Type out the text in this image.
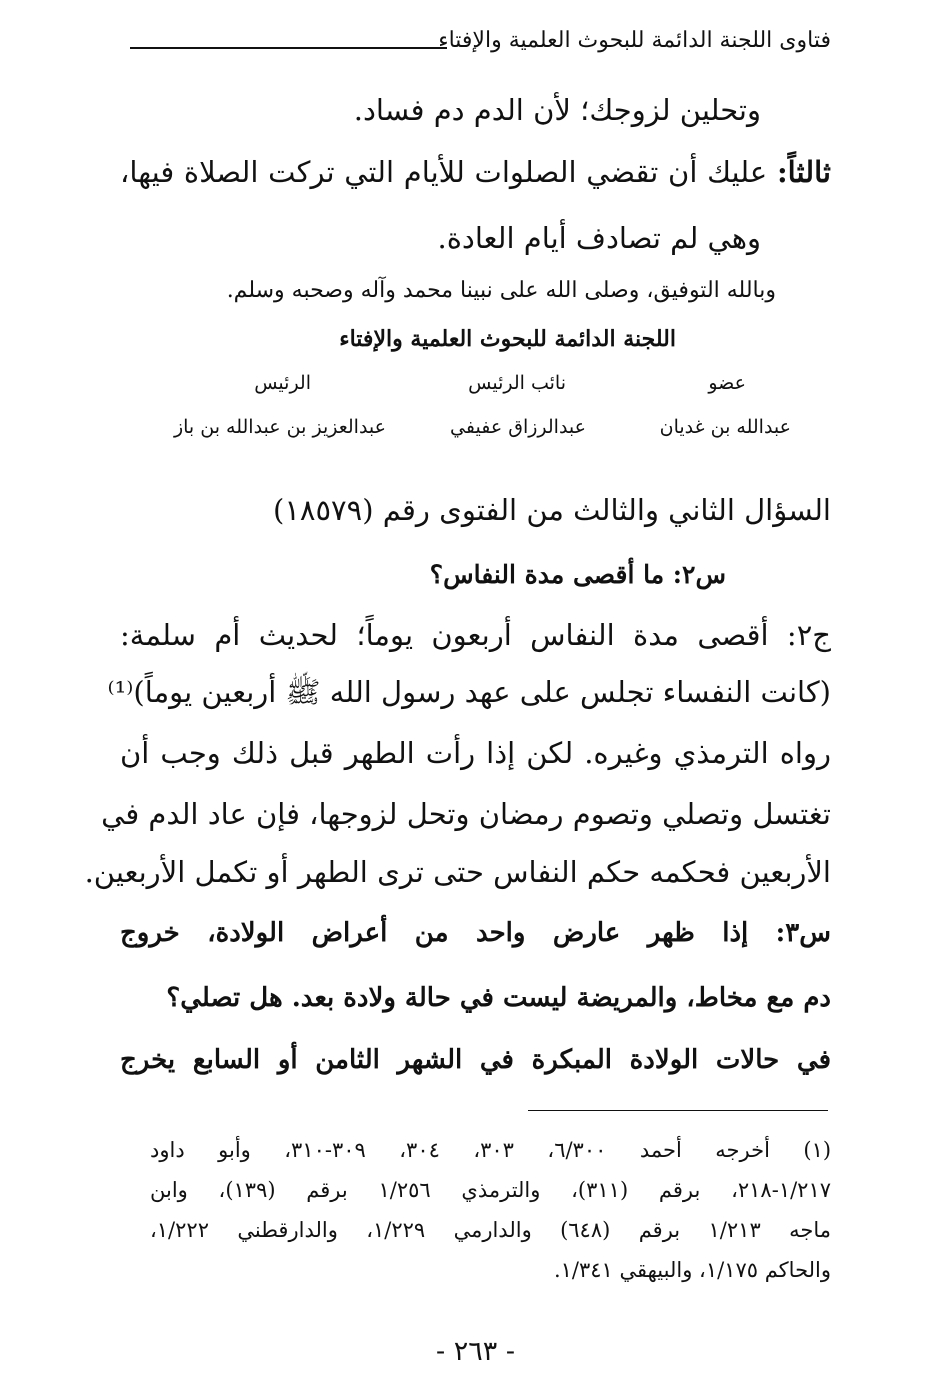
فتاوى اللجنة الدائمة للبحوث العلمية والإفتاء
وتحلين لزوجك؛ لأن الدم دم فساد.
ثالثاً: عليك أن تقضي الصلوات للأيام التي تركت الصلاة فيها،
وهي لم تصادف أيام العادة.
وبالله التوفيق، وصلى الله على نبينا محمد وآله وصحبه وسلم.
اللجنة الدائمة للبحوث العلمية والإفتاء
عضو
نائب الرئيس
الرئيس
عبدالله بن غديان
عبدالرزاق عفيفي
عبدالعزيز بن عبدالله بن باز
السؤال الثاني والثالث من الفتوى رقم (١٨٥٧٩)
س٢: ما أقصى مدة النفاس؟
ج٢: أقصى مدة النفاس أربعون يوماً؛ لحديث أم سلمة:
(كانت النفساء تجلس على عهد رسول الله ﷺ أربعين يوماً)⁽¹⁾
رواه الترمذي وغيره. لكن إذا رأت الطهر قبل ذلك وجب أن
تغتسل وتصلي وتصوم رمضان وتحل لزوجها، فإن عاد الدم في
الأربعين فحكمه حكم النفاس حتى ترى الطهر أو تكمل الأربعين.
س٣: إذا ظهر عارض واحد من أعراض الولادة، خروج
دم مع مخاط، والمريضة ليست في حالة ولادة بعد. هل تصلي؟
في حالات الولادة المبكرة في الشهر الثامن أو السابع يخرج
(١) أخرجه أحمد ٦/٣٠٠، ٣٠٣، ٣٠٤، ٣٠٩-٣١٠، وأبو داود
١/٢١٧-٢١٨، برقم (٣١١)، والترمذي ١/٢٥٦ برقم (١٣٩)، وابن
ماجه ١/٢١٣ برقم (٦٤٨) والدارمي ١/٢٢٩، والدارقطني ١/٢٢٢،
والحاكم ١/١٧٥، والبيهقي ١/٣٤١.
- ٢٦٣ -
